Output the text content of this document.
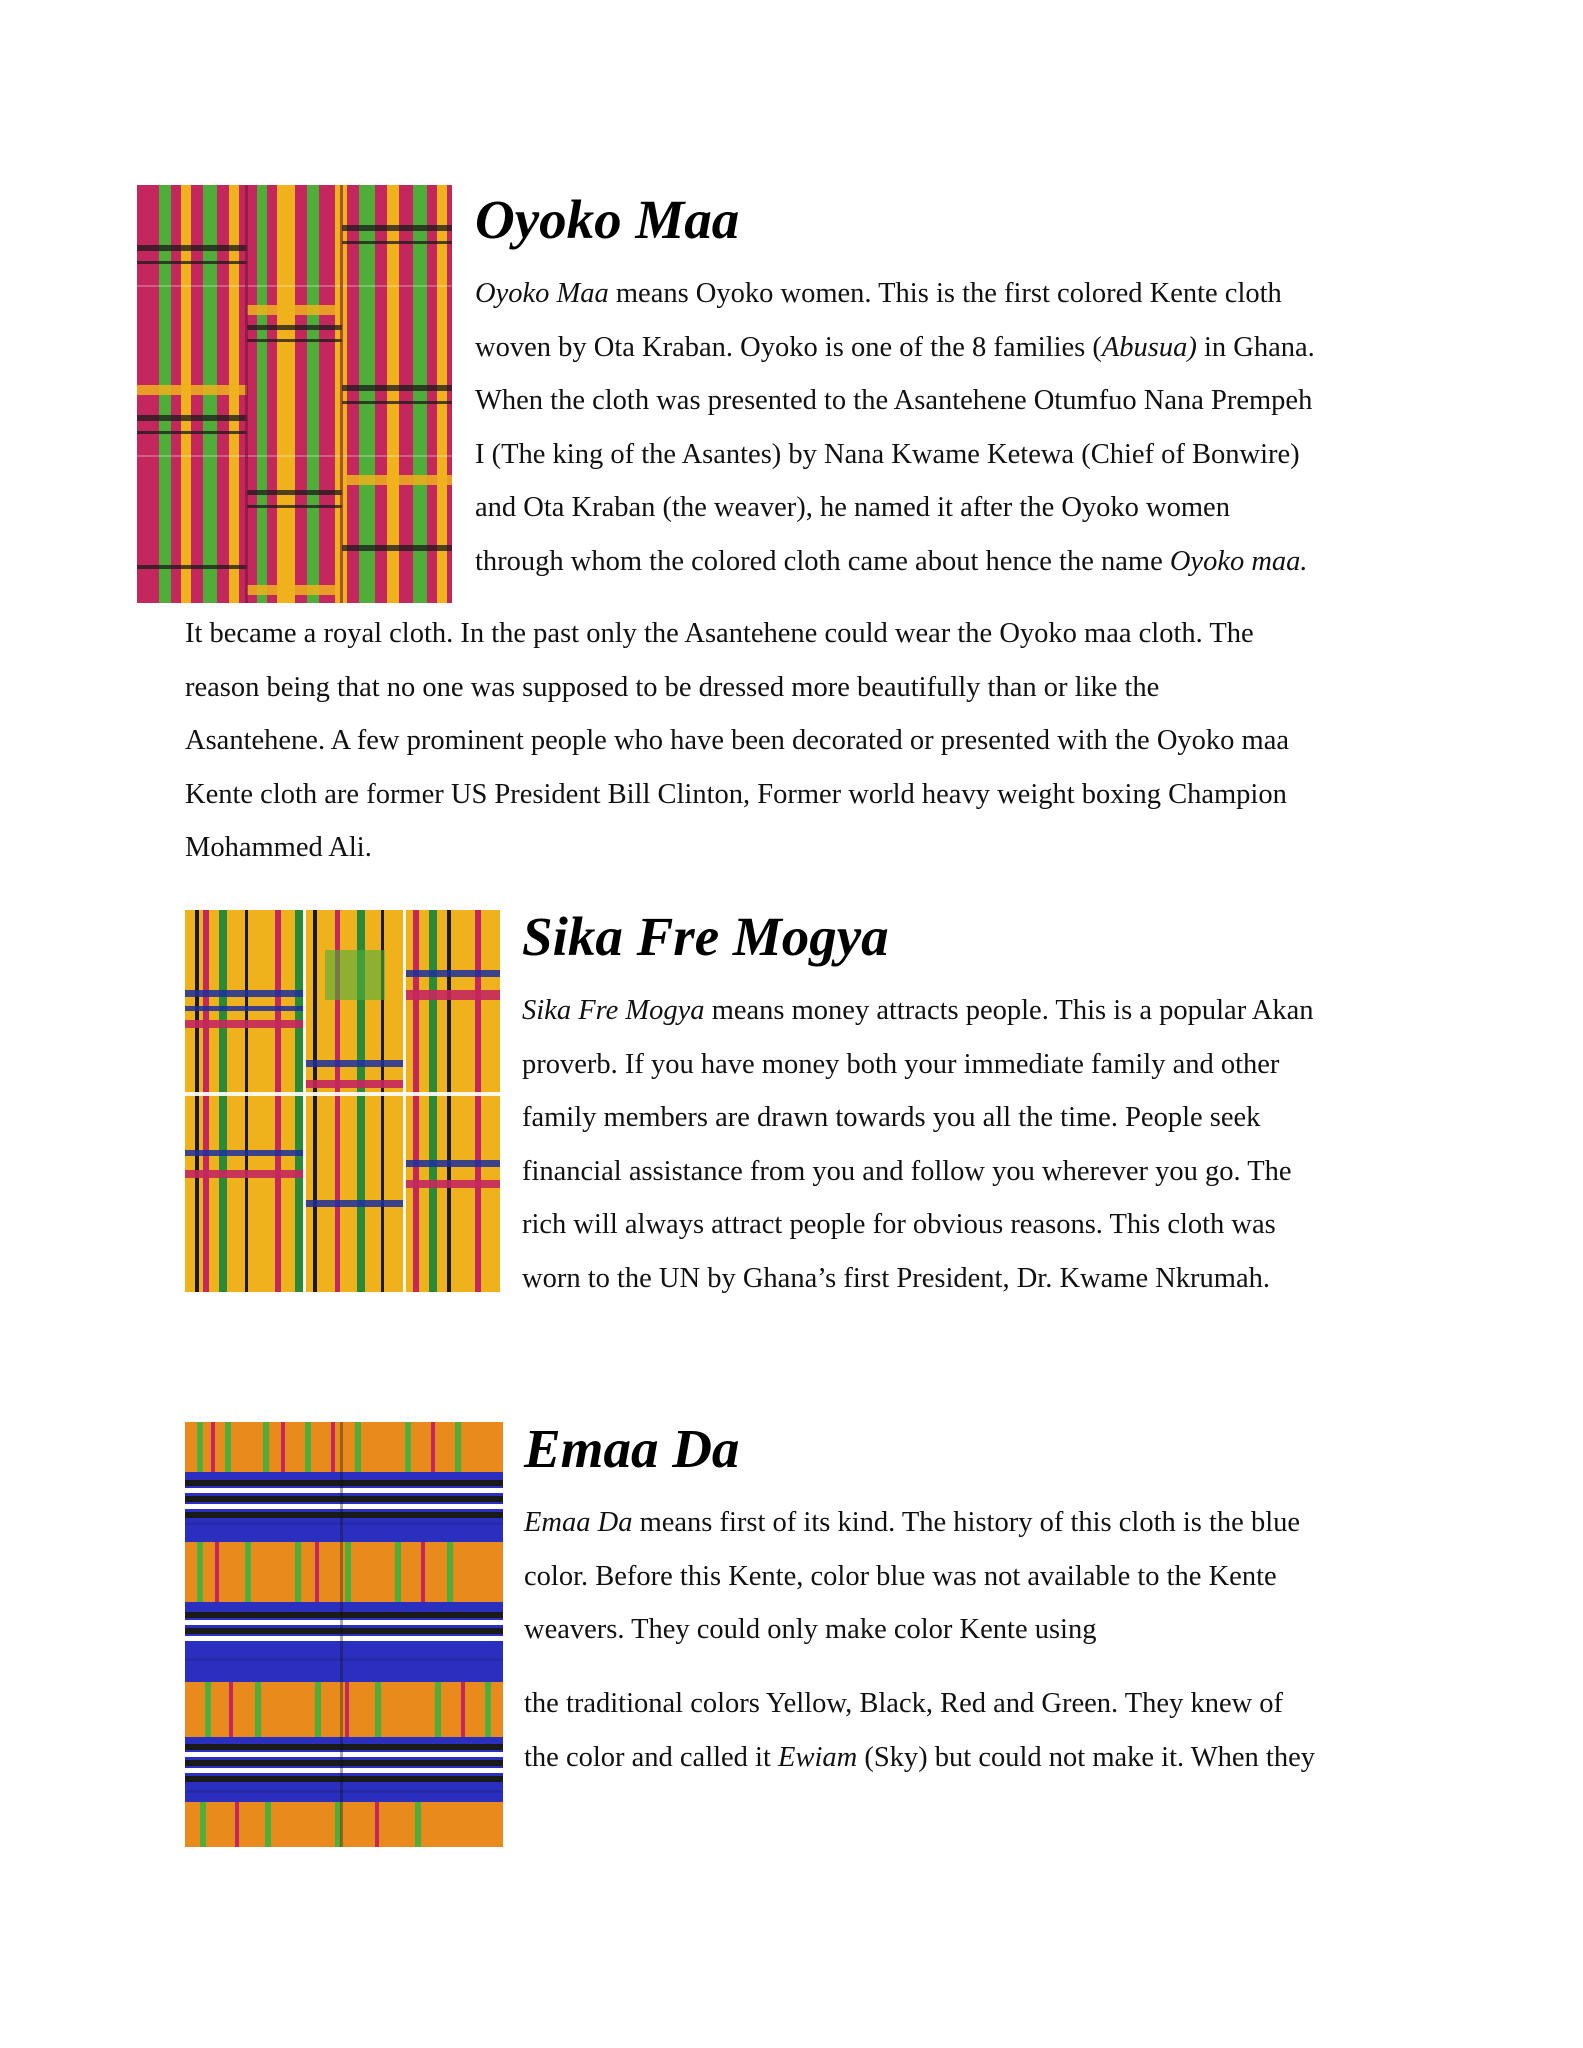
Oyoko Maa
Oyoko Maa means Oyoko women. This is the first colored Kente cloth
woven by Ota Kraban. Oyoko is one of the 8 families (Abusua) in Ghana.
When the cloth was presented to the Asantehene Otumfuo Nana Prempeh
I (The king of the Asantes) by Nana Kwame Ketewa (Chief of Bonwire)
and Ota Kraban (the weaver), he named it after the Oyoko women
through whom the colored cloth came about hence the name Oyoko maa.
It became a royal cloth. In the past only the Asantehene could wear the Oyoko maa cloth. The
reason being that no one was supposed to be dressed more beautifully than or like the
Asantehene. A few prominent people who have been decorated or presented with the Oyoko maa
Kente cloth are former US President Bill Clinton, Former world heavy weight boxing Champion
Mohammed Ali.
Sika Fre Mogya
Sika Fre Mogya means money attracts people. This is a popular Akan
proverb. If you have money both your immediate family and other
family members are drawn towards you all the time. People seek
financial assistance from you and follow you wherever you go. The
rich will always attract people for obvious reasons. This cloth was
worn to the UN by Ghana’s first President, Dr. Kwame Nkrumah.
Emaa Da
Emaa Da means first of its kind. The history of this cloth is the blue
color. Before this Kente, color blue was not available to the Kente
weavers. They could only make color Kente using
the traditional colors Yellow, Black, Red and Green. They knew of
the color and called it Ewiam (Sky) but could not make it. When they
